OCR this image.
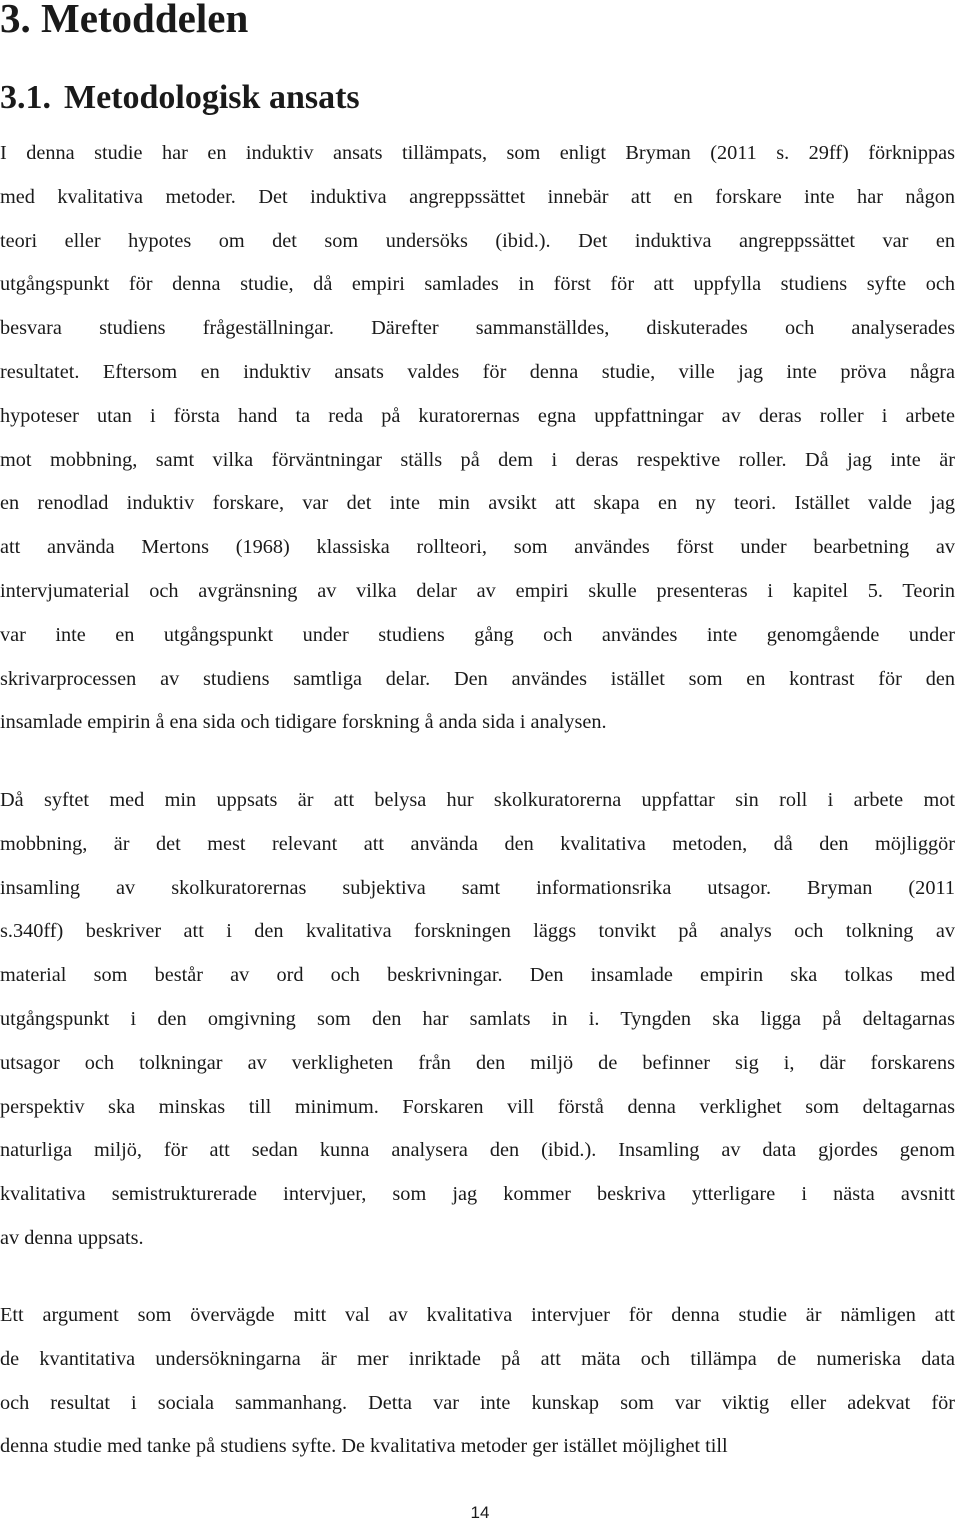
3. Metoddelen
3.1. Metodologisk ansats
I denna studie har en induktiv ansats tillämpats, som enligt Bryman (2011 s. 29ff) förknippas
med kvalitativa metoder. Det induktiva angreppssättet innebär att en forskare inte har någon
teori eller hypotes om det som undersöks (ibid.). Det induktiva angreppssättet var en
utgångspunkt för denna studie, då empiri samlades in först för att uppfylla studiens syfte och
besvara studiens frågeställningar. Därefter sammanställdes, diskuterades och analyserades
resultatet. Eftersom en induktiv ansats valdes för denna studie, ville jag inte pröva några
hypoteser utan i första hand ta reda på kuratorernas egna uppfattningar av deras roller i arbete
mot mobbning, samt vilka förväntningar ställs på dem i deras respektive roller. Då jag inte är
en renodlad induktiv forskare, var det inte min avsikt att skapa en ny teori. Istället valde jag
att använda Mertons (1968) klassiska rollteori, som användes först under bearbetning av
intervjumaterial och avgränsning av vilka delar av empiri skulle presenteras i kapitel 5. Teorin
var inte en utgångspunkt under studiens gång och användes inte genomgående under
skrivarprocessen av studiens samtliga delar. Den användes istället som en kontrast för den
insamlade empirin å ena sida och tidigare forskning å anda sida i analysen.
Då syftet med min uppsats är att belysa hur skolkuratorerna uppfattar sin roll i arbete mot
mobbning, är det mest relevant att använda den kvalitativa metoden, då den möjliggör
insamling av skolkuratorernas subjektiva samt informationsrika utsagor. Bryman (2011
s.340ff) beskriver att i den kvalitativa forskningen läggs tonvikt på analys och tolkning av
material som består av ord och beskrivningar. Den insamlade empirin ska tolkas med
utgångspunkt i den omgivning som den har samlats in i. Tyngden ska ligga på deltagarnas
utsagor och tolkningar av verkligheten från den miljö de befinner sig i, där forskarens
perspektiv ska minskas till minimum. Forskaren vill förstå denna verklighet som deltagarnas
naturliga miljö, för att sedan kunna analysera den (ibid.). Insamling av data gjordes genom
kvalitativa semistrukturerade intervjuer, som jag kommer beskriva ytterligare i nästa avsnitt
av denna uppsats.
Ett argument som övervägde mitt val av kvalitativa intervjuer för denna studie är nämligen att
de kvantitativa undersökningarna är mer inriktade på att mäta och tillämpa de numeriska data
och resultat i sociala sammanhang. Detta var inte kunskap som var viktig eller adekvat för
denna studie med tanke på studiens syfte. De kvalitativa metoder ger istället möjlighet till
14
